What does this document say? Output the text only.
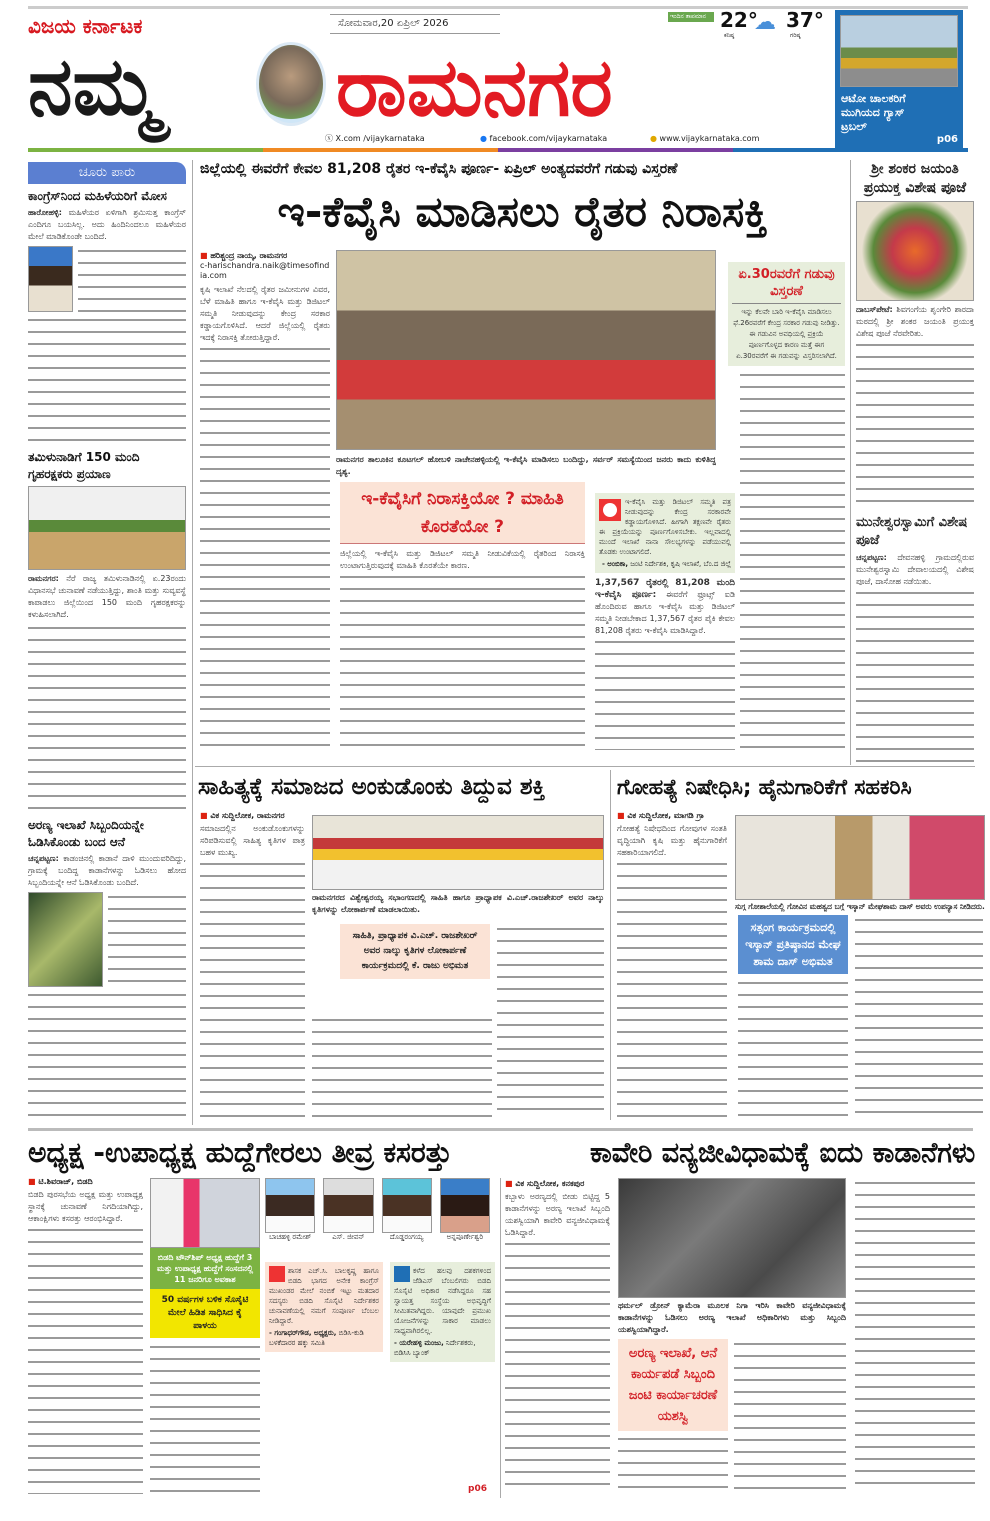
ವಿಜಯ ಕರ್ನಾಟಕ
ನಮ್ಮ	ರಾಮನಗರ
ಸೋಮವಾರ,20 ಏಪ್ರಿಲ್ 2026
ಇಂದಿನ ತಾಪಮಾನ 22°
ಕನಿಷ್ಠ
☁ 37°
ಗರಿಷ್ಠ
ⓧ X.com /vijaykarnataka	● facebook.com/vijaykarnataka	● www.vijaykarnataka.com
ಆಟೋ ಚಾಲಕರಿಗೆ ಮುಗಿಯದ ಗ್ಯಾಸ್ ಟ್ರಬಲ್
p06
ಚೂರು ಪಾರು
ಕಾಂಗ್ರೆಸ್‌ನಿಂದ ಮಹಿಳೆಯರಿಗೆ ಮೋಸ
ಹಾರೋಹಳ್ಳಿ: ಮಹಿಳೆಯರ ಏಳಿಗಾಗಿ ಶ್ರಮಿಸುತ್ತ ಕಾಂಗ್ರೆಸ್ ಎಂದಿಗೂ ಬಯಸಿಲ್ಲ. ಅದು ಹಿಂದಿನಿಂದಲೂ ಮಹಿಳೆಯರ ಮೇಲೆ ಮಾಡಿಕೊಂಡೇ ಬಂದಿದೆ.
ತಮಿಳುನಾಡಿಗೆ 150 ಮಂದಿ ಗೃಹರಕ್ಷಕರು ಪ್ರಯಾಣ
ರಾಮನಗರ: ನೆರೆ ರಾಜ್ಯ ತಮಿಳುನಾಡಿನಲ್ಲಿ ಏ.23ರಂದು ವಿಧಾನಸಭೆ ಚುನಾವಣೆ ನಡೆಯುತ್ತಿದ್ದು, ಶಾಂತಿ ಮತ್ತು ಸುವ್ಯವಸ್ಥೆ ಕಾಪಾಡಲು ಜಿಲ್ಲೆಯಿಂದ 150 ಮಂದಿ ಗೃಹರಕ್ಷಕರನ್ನು ಕಳುಹಿಸಲಾಗಿದೆ.
ಅರಣ್ಯ ಇಲಾಖೆ ಸಿಬ್ಬಂದಿಯನ್ನೇ ಓಡಿಸಿಕೊಂಡು ಬಂದ ಆನೆ
ಚನ್ನಪಟ್ಟಣ: ಕಾಡಂಚಿನಲ್ಲಿ ಕಾಡಾನೆ ದಾಳಿ ಮುಂದುವರಿದಿದ್ದು, ಗ್ರಾಮಕ್ಕೆ ಬಂದಿದ್ದ ಕಾಡಾನೆಗಳನ್ನು ಓಡಿಸಲು ಹೋದ ಸಿಬ್ಬಂದಿಯನ್ನೇ ಆನೆ ಓಡಿಸಿಕೊಂಡು ಬಂದಿದೆ.
ಜಿಲ್ಲೆಯಲ್ಲಿ ಈವರೆಗೆ ಕೇವಲ 81,208 ರೈತರ ಇ-ಕೆವೈಸಿ ಪೂರ್ಣ- ಏಪ್ರಿಲ್ ಅಂತ್ಯದವರೆಗೆ ಗಡುವು ವಿಸ್ತರಣೆ
ಇ-ಕೆವೈಸಿ ಮಾಡಿಸಲು ರೈತರ ನಿರಾಸಕ್ತಿ
■ ಹರಿಶ್ಚಂದ್ರ ನಾಯ್ಕ, ರಾಮನಗರ
c-harischandra.naik@timesofindia.com
ಕೃಷಿ ಇಲಾಖೆ ನೆಲದಲ್ಲಿ ರೈತರ ಜಮೀನುಗಳ ವಿವರ, ಬೆಳೆ ಮಾಹಿತಿ ಹಾಗೂ ಇ-ಕೆವೈಸಿ ಮತ್ತು ಡಿಜಿಟಲ್ ಸಮ್ಮತಿ ನೀಡುವುದನ್ನು ಕೇಂದ್ರ ಸರಕಾರ ಕಡ್ಡಾಯಗೊಳಿಸಿದೆ. ಆದರೆ ಜಿಲ್ಲೆಯಲ್ಲಿ ರೈತರು ಇದಕ್ಕೆ ನಿರಾಸಕ್ತಿ ತೋರುತ್ತಿದ್ದಾರೆ.
ರಾಮನಗರ ತಾಲೂಕಿನ ಕೂಟಗಲ್ ಹೋಬಳಿ ನಾಚೇನಹಳ್ಳಿಯಲ್ಲಿ ಇ-ಕೆವೈಸಿ ಮಾಡಿಸಲು ಬಂದಿದ್ದು, ಸರ್ವರ್ ಸಮಸ್ಯೆಯಿಂದ ಜನರು ಕಾದು ಕುಳಿತಿದ್ದ ದೃಶ್ಯ.
ಇ-ಕೆವೈಸಿಗೆ ನಿರಾಸಕ್ತಿಯೋ ? ಮಾಹಿತಿ ಕೊರತೆಯೋ ?
ಜಿಲ್ಲೆಯಲ್ಲಿ ಇ-ಕೆವೈಸಿ ಮತ್ತು ಡಿಜಿಟಲ್ ಸಮ್ಮತಿ ನೀಡುವಿಕೆಯಲ್ಲಿ ರೈತರಿಂದ ನಿರಾಸಕ್ತಿ ಉಂಟಾಗುತ್ತಿರುವುದಕ್ಕೆ ಮಾಹಿತಿ ಕೊರತೆಯೇ ಕಾರಣ.
ಇ-ಕೆವೈಸಿ ಮತ್ತು ಡಿಜಿಟಲ್ ಸಮ್ಮತಿ ಪತ್ರ ನೀಡುವುದನ್ನು ಕೇಂದ್ರ ಸರಕಾರವೇ ಕಡ್ಡಾಯಗೊಳಿಸಿದೆ. ಹೀಗಾಗಿ ತಕ್ಷಣವೇ ರೈತರು ಈ ಪ್ರಕ್ರಿಯೆಯನ್ನು ಪೂರ್ಣಗೊಳಿಸಬೇಕು. ಇಲ್ಲವಾದಲ್ಲಿ ಮುಂದೆ ಇಲಾಖೆ ನಾನಾ ಸೌಲಭ್ಯಗಳನ್ನು ಪಡೆಯುವಲ್ಲಿ ತೊಡಕು ಉಂಟಾಗಲಿದೆ.
- ಅಂಬಿಕಾ, ಜಂಟಿ ನಿರ್ದೇಶಕಿ, ಕೃಷಿ ಇಲಾಖೆ, ಬೆಂ.ದ ಜಿಲ್ಲೆ
1,37,567 ರೈತರಲ್ಲಿ 81,208 ಮಂದಿ ಇ-ಕೆವೈಸಿ ಪೂರ್ಣ: ಈವರೆಗೆ ಫ್ರೂಟ್ಸ್ ಐಡಿ ಹೊಂದಿರುವ ಹಾಗೂ ಇ-ಕೆವೈಸಿ ಮತ್ತು ಡಿಜಿಟಲ್ ಸಮ್ಮತಿ ನೀಡಬೇಕಾದ 1,37,567 ರೈತರ ಪೈಕಿ ಕೇವಲ 81,208 ರೈತರು ಇ-ಕೆವೈಸಿ ಮಾಡಿಸಿದ್ದಾರೆ.
ಏ.30ರವರೆಗೆ ಗಡುವು ವಿಸ್ತರಣೆ
ಇನ್ನು ಕೆಲವೇ ಬಾರಿ ಇ-ಕೆವೈಸಿ ಮಾಡಿಸಲು ಫೆ.26ರವರೆಗೆ ಕೇಂದ್ರ ಸರಕಾರ ಗಡುವು ನೀಡಿತ್ತು. ಈ ಗಡುವಿನ ಅವಧಿಯಲ್ಲಿ ಪ್ರಕ್ರಿಯೆ ಪೂರ್ಣಗೊಳ್ಳದ ಕಾರಣ ಮತ್ತೆ ಈಗ ಏ.30ರವರೆಗೆ ಈ ಗಡುವನ್ನು ವಿಸ್ತರಿಸಲಾಗಿದೆ.
ಶ್ರೀ ಶಂಕರ ಜಯಂತಿ ಪ್ರಯುಕ್ತ ವಿಶೇಷ ಪೂಜೆ
ದಾಬಸ್‌ಪೇಟೆ: ಶಿವಗಂಗೆಯ ಶೃಂಗೇರಿ ಶಾರದಾ ಮಠದಲ್ಲಿ ಶ್ರೀ ಶಂಕರ ಜಯಂತಿ ಪ್ರಯುಕ್ತ ವಿಶೇಷ ಪೂಜೆ ನೆರವೇರಿತು.
ಮುನೇಶ್ವರಸ್ವಾಮಿಗೆ ವಿಶೇಷ ಪೂಜೆ
ಚನ್ನಪಟ್ಟಣ: ದೇವನಹಳ್ಳಿ ಗ್ರಾಮದಲ್ಲಿರುವ ಮುನೇಶ್ವರಸ್ವಾಮಿ ದೇವಾಲಯದಲ್ಲಿ ವಿಶೇಷ ಪೂಜೆ, ದಾಸೋಹ ನಡೆಯಿತು.
ಸಾಹಿತ್ಯಕ್ಕೆ ಸಮಾಜದ ಅಂಕುಡೊಂಕು ತಿದ್ದುವ ಶಕ್ತಿ
■ ವಿಕ ಸುದ್ದಿಲೋಕ, ರಾಮನಗರ
ಸಮಾಜದಲ್ಲಿನ ಅಂಕುಡೊಂಕುಗಳನ್ನು ಸರಿಪಡಿಸುವಲ್ಲಿ ಸಾಹಿತ್ಯ ಕೃತಿಗಳ ಪಾತ್ರ ಬಹಳ ಮುಖ್ಯ.
ರಾಮನಗರದ ವಿಶ್ವೇಶ್ವರಯ್ಯ ಸಭಾಂಗಣದಲ್ಲಿ ಸಾಹಿತಿ ಹಾಗೂ ಪ್ರಾಧ್ಯಾಪಕ ವಿ.ಎಚ್.ರಾಜಶೇಖರ್ ಅವರ ನಾಲ್ಕು ಕೃತಿಗಳನ್ನು ಲೋಕಾರ್ಪಣೆ ಮಾಡಲಾಯಿತು.
ಸಾಹಿತಿ, ಪ್ರಾಧ್ಯಾಪಕ ವಿ.ಎಚ್. ರಾಜಶೇಖರ್ ಅವರ ನಾಲ್ಕು ಕೃತಿಗಳ ಲೋಕಾರ್ಪಣೆ ಕಾರ್ಯಕ್ರಮದಲ್ಲಿ ಕೆ. ರಾಜು ಅಭಿಮತ
ಗೋಹತ್ಯೆ ನಿಷೇಧಿಸಿ; ಹೈನುಗಾರಿಕೆಗೆ ಸಹಕರಿಸಿ
■ ವಿಕ ಸುದ್ದಿಲೋಕ, ಮಾಗಡಿ ಗ್ರಾ
ಗೋಹತ್ಯೆ ನಿಷೇಧದಿಂದ ಗೋವುಗಳ ಸಂತತಿ ವೃದ್ಧಿಯಾಗಿ ಕೃಷಿ ಮತ್ತು ಹೈನುಗಾರಿಕೆಗೆ ಸಹಕಾರಿಯಾಗಲಿದೆ.
ಸುಗ್ಗ ಗೋಶಾಲೆಯಲ್ಲಿ ಗೋವಿನ ಮಹತ್ವದ ಬಗ್ಗೆ ಇಸ್ಕಾನ್ ಮೇಘಶಾಮ ದಾಸ್ ಅವರು ಉಪನ್ಯಾಸ ನೀಡಿದರು.
ಸತ್ಸಂಗ ಕಾರ್ಯಕ್ರಮದಲ್ಲಿ ಇಸ್ಕಾನ್ ಪ್ರತಿಷ್ಠಾನದ ಮೇಘ ಶಾಮ ದಾಸ್ ಅಭಿಮತ
ಅಧ್ಯಕ್ಷ -ಉಪಾಧ್ಯಕ್ಷ ಹುದ್ದೆಗೇರಲು ತೀವ್ರ ಕಸರತ್ತು	ಕಾವೇರಿ ವನ್ಯಜೀವಿಧಾಮಕ್ಕೆ ಐದು ಕಾಡಾನೆಗಳು
■ ಟಿ.ಶಿವರಾಜ್, ಬಿಡದಿ
ಬಿಡದಿ ಪುರಸಭೆಯ ಅಧ್ಯಕ್ಷ ಮತ್ತು ಉಪಾಧ್ಯಕ್ಷ ಸ್ಥಾನಕ್ಕೆ ಚುನಾವಣೆ ನಿಗದಿಯಾಗಿದ್ದು, ಆಕಾಂಕ್ಷಿಗಳು ಕಸರತ್ತು ಆರಂಭಿಸಿದ್ದಾರೆ.
ಬಿಡದಿ ಟೌನ್‌ಶಿಪ್ ಅಧ್ಯಕ್ಷ ಹುದ್ದೆಗೆ 3 ಮತ್ತು ಉಪಾಧ್ಯಕ್ಷ ಹುದ್ದೆಗೆ ಸಂಸದನಲ್ಲಿ 11 ಜನರಿಗೂ ಅವಕಾಶ
50 ವರ್ಷಗಳ ಬಳಿಕ ಸೊಸೈಟಿ ಮೇಲೆ ಹಿಡಿತ ಸಾಧಿಸಿದ ಕೈ ಪಾಳಯ
ಬಾಚಹಳ್ಳಿ ರಮೇಶ್	ಎಸ್. ಜೀವನ್	ದೊಡ್ಡರಂಗಯ್ಯ	ಅನ್ನಪೂರ್ಣೇಶ್ವರಿ
ಶಾಸಕ ಎಚ್.ಸಿ. ಬಾಲಕೃಷ್ಣ ಹಾಗೂ ಬಿಡದಿ ಭಾಗದ ಅನೇಕ ಕಾಂಗ್ರೆಸ್ ಮುಖಂಡರ ಮೇಲೆ ನಂಬಿಕೆ ಇಟ್ಟು ಮತದಾರ ಸದಸ್ಯರು ಬಿಡದಿ ಸೊಸೈಟಿ ನಿರ್ದೇಶಕರ ಚುನಾವಣೆಯಲ್ಲಿ ನಮಗೆ ಸಂಪೂರ್ಣ ಬೆಂಬಲ ನೀಡಿದ್ದಾರೆ.
- ಗಂಗಾಧರ್‌ಗೌಡ, ಅಧ್ಯಕ್ಷರು, ಬಿಡಿಸಿ-ಕುಡಿ ಬಳಕೆದಾರರ ಹಕ್ಕು ಸಮಿತಿ
ಕಳೆದ ಹಲವು ದಶಕಗಳಿಂದ ಜೆಡಿಎಸ್ ಬೆಂಬಲಿಗರು ಬಿಡದಿ ಸೊಸೈಟಿ ಅಧಿಕಾರ ನಡೆಸಿದ್ದರೂ ಸಹ ಸ್ವಾಯತ್ತ ಸಂಸ್ಥೆಯ ಅಭಿವೃದ್ಧಿಗೆ ಸೀಮಿತವಾಗಿದ್ದರು. ಯಾವುದೇ ಪ್ರಮುಖ ಯೋಜನೆಗಳನ್ನು ಸಾಕಾರ ಮಾಡಲು ಸಾಧ್ಯವಾಗಿರಲಿಲ್ಲ.
- ಯರೇಹಳ್ಳಿ ಮಂಜು, ನಿರ್ದೇಶಕರು, ಬಿಡಿಸಿಸಿ ಬ್ಯಾಂಕ್
p06
■ ವಿಕ ಸುದ್ದಿಲೋಕ, ಕನಕಪುರ
ಕಬ್ಬಾಳು ಅರಣ್ಯದಲ್ಲಿ ಬೀಡು ಬಿಟ್ಟಿದ್ದ 5 ಕಾಡಾನೆಗಳನ್ನು ಅರಣ್ಯ ಇಲಾಖೆ ಸಿಬ್ಬಂದಿ ಯಶಸ್ವಿಯಾಗಿ ಕಾವೇರಿ ವನ್ಯಜೀವಿಧಾಮಕ್ಕೆ ಓಡಿಸಿದ್ದಾರೆ.
ಥರ್ಮಲ್ ಡ್ರೋನ್ ಕ್ಯಾಮೆರಾ ಮೂಲಕ ನಿಗಾ ಇರಿಸಿ ಕಾವೇರಿ ವನ್ಯಜೀವಿಧಾಮಕ್ಕೆ ಕಾಡಾನೆಗಳನ್ನು ಓಡಿಸಲು ಅರಣ್ಯ ಇಲಾಖೆ ಅಧಿಕಾರಿಗಳು ಮತ್ತು ಸಿಬ್ಬಂದಿ ಯಶಸ್ವಿಯಾಗಿದ್ದಾರೆ.
ಅರಣ್ಯ ಇಲಾಖೆ, ಆನೆ ಕಾರ್ಯಪಡೆ ಸಿಬ್ಬಂದಿ ಜಂಟಿ ಕಾರ್ಯಾಚರಣೆ ಯಶಸ್ವಿ
